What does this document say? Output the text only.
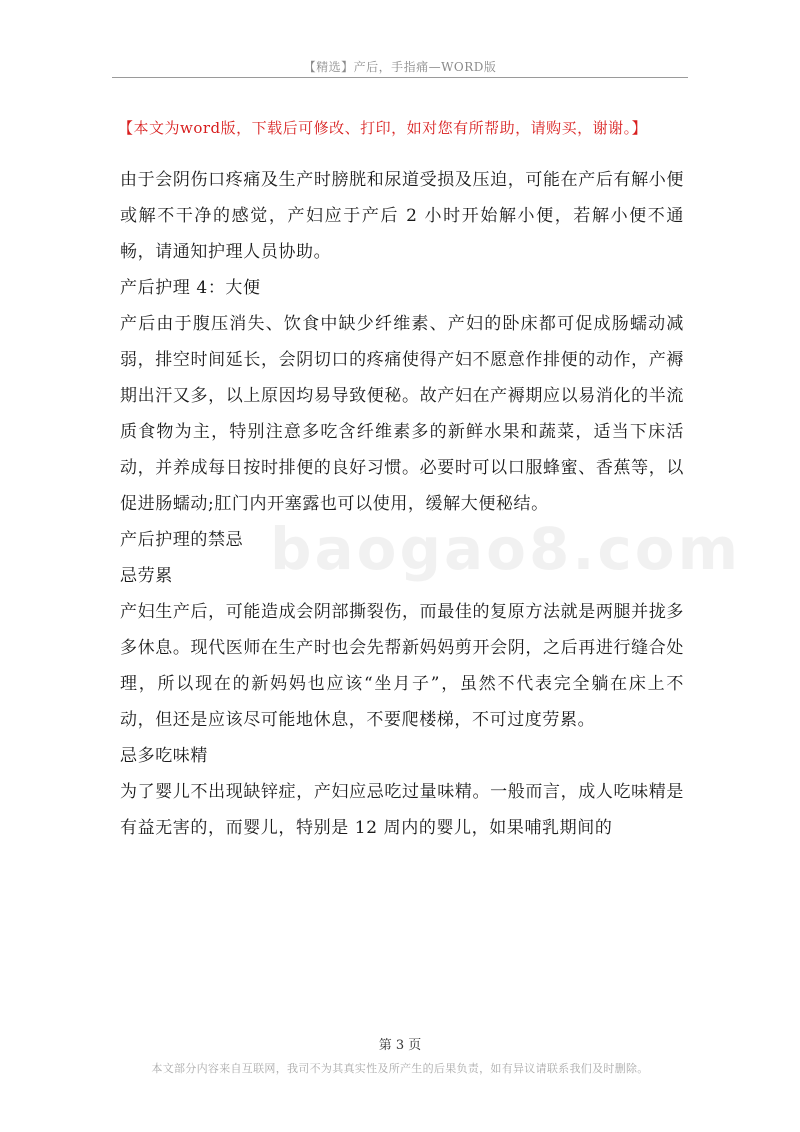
【精选】产后，手指痛—WORD版
【本文为word版，下载后可修改、打印，如对您有所帮助，请购买，谢谢。】
baogao8.com

由于会阴伤口疼痛及生产时膀胱和尿道受损及压迫，可能在产后有解小便或解不干净的感觉，产妇应于产后 2 小时开始解小便，若解小便不通畅，请通知护理人员协助。

产后护理 4：大便

产后由于腹压消失、饮食中缺少纤维素、产妇的卧床都可促成肠蠕动减弱，排空时间延长，会阴切口的疼痛使得产妇不愿意作排便的动作，产褥期出汗又多，以上原因均易导致便秘。故产妇在产褥期应以易消化的半流质食物为主，特别注意多吃含纤维素多的新鲜水果和蔬菜，适当下床活动，并养成每日按时排便的良好习惯。必要时可以口服蜂蜜、香蕉等，以促进肠蠕动;肛门内开塞露也可以使用，缓解大便秘结。

产后护理的禁忌

忌劳累

产妇生产后，可能造成会阴部撕裂伤，而最佳的复原方法就是两腿并拢多多休息。现代医师在生产时也会先帮新妈妈剪开会阴，之后再进行缝合处理，所以现在的新妈妈也应该“坐月子”，虽然不代表完全躺在床上不动，但还是应该尽可能地休息，不要爬楼梯，不可过度劳累。

忌多吃味精

为了婴儿不出现缺锌症，产妇应忌吃过量味精。一般而言，成人吃味精是有益无害的，而婴儿，特别是 12 周内的婴儿，如果哺乳期间的

第 3 页
本文部分内容来自互联网，我司不为其真实性及所产生的后果负责，如有异议请联系我们及时删除。
